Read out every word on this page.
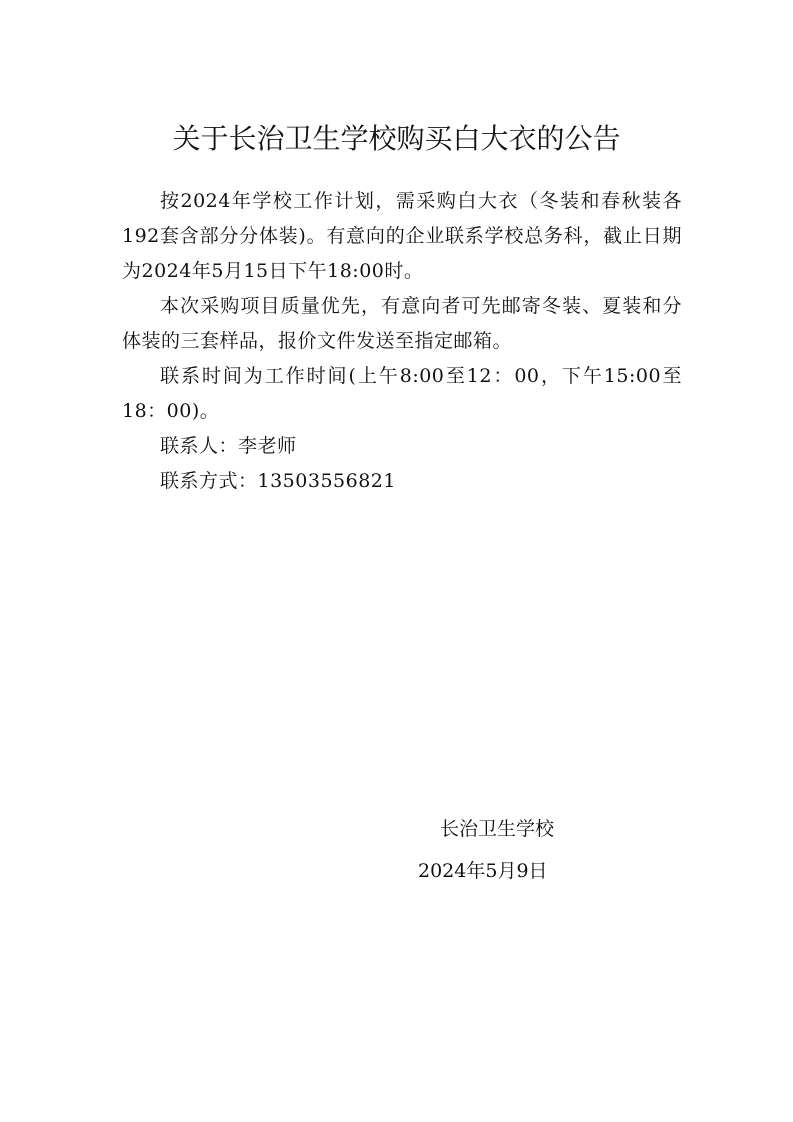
关于长治卫生学校购买白大衣的公告

按2024年学校工作计划，需采购白大衣（冬装和春秋装各192套含部分分体装)。有意向的企业联系学校总务科，截止日期为2024年5月15日下午18:00时。

本次采购项目质量优先，有意向者可先邮寄冬装、夏装和分体装的三套样品，报价文件发送至指定邮箱。

联系时间为工作时间(上午8:00至12：00，下午15:00至18：00)。

联系人：李老师

联系方式：13503556821

长治卫生学校
2024年5月9日
